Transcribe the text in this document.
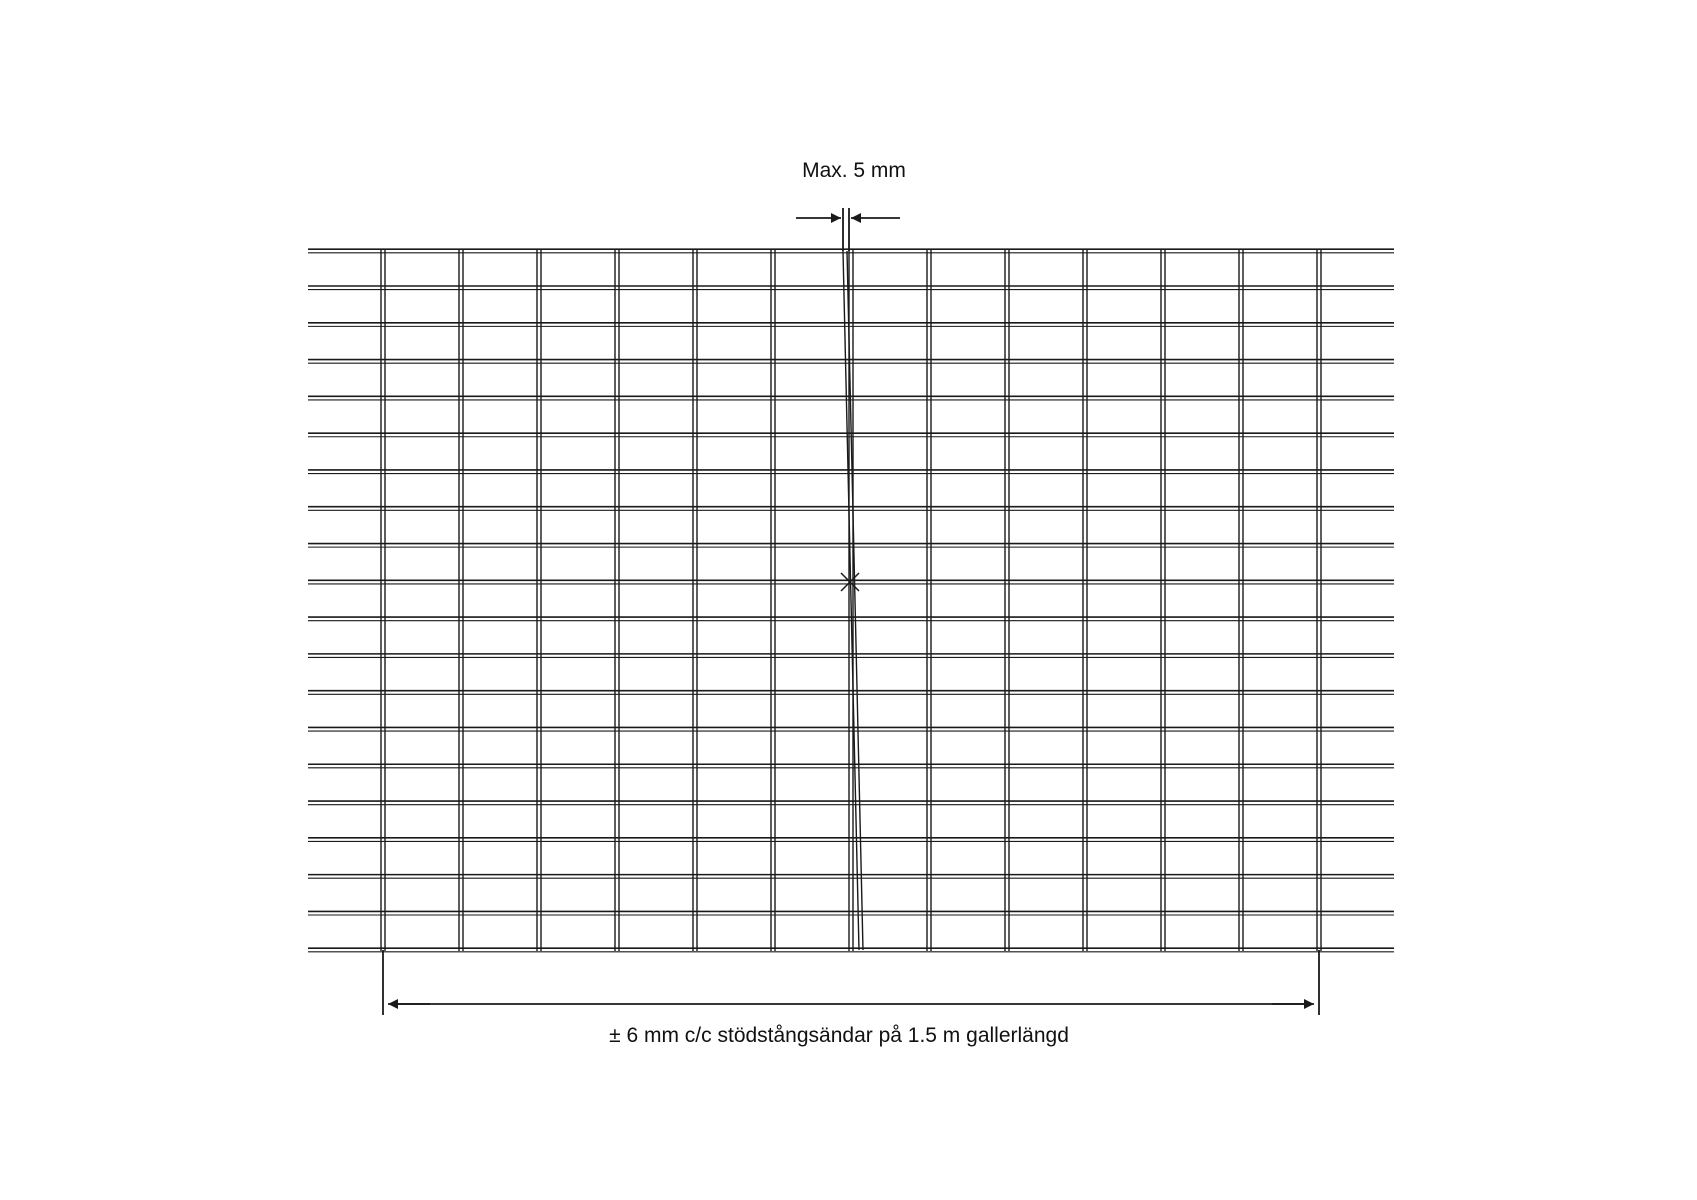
Max. 5 mm
± 6 mm c/c stödstångsändar på 1.5 m gallerlängd
